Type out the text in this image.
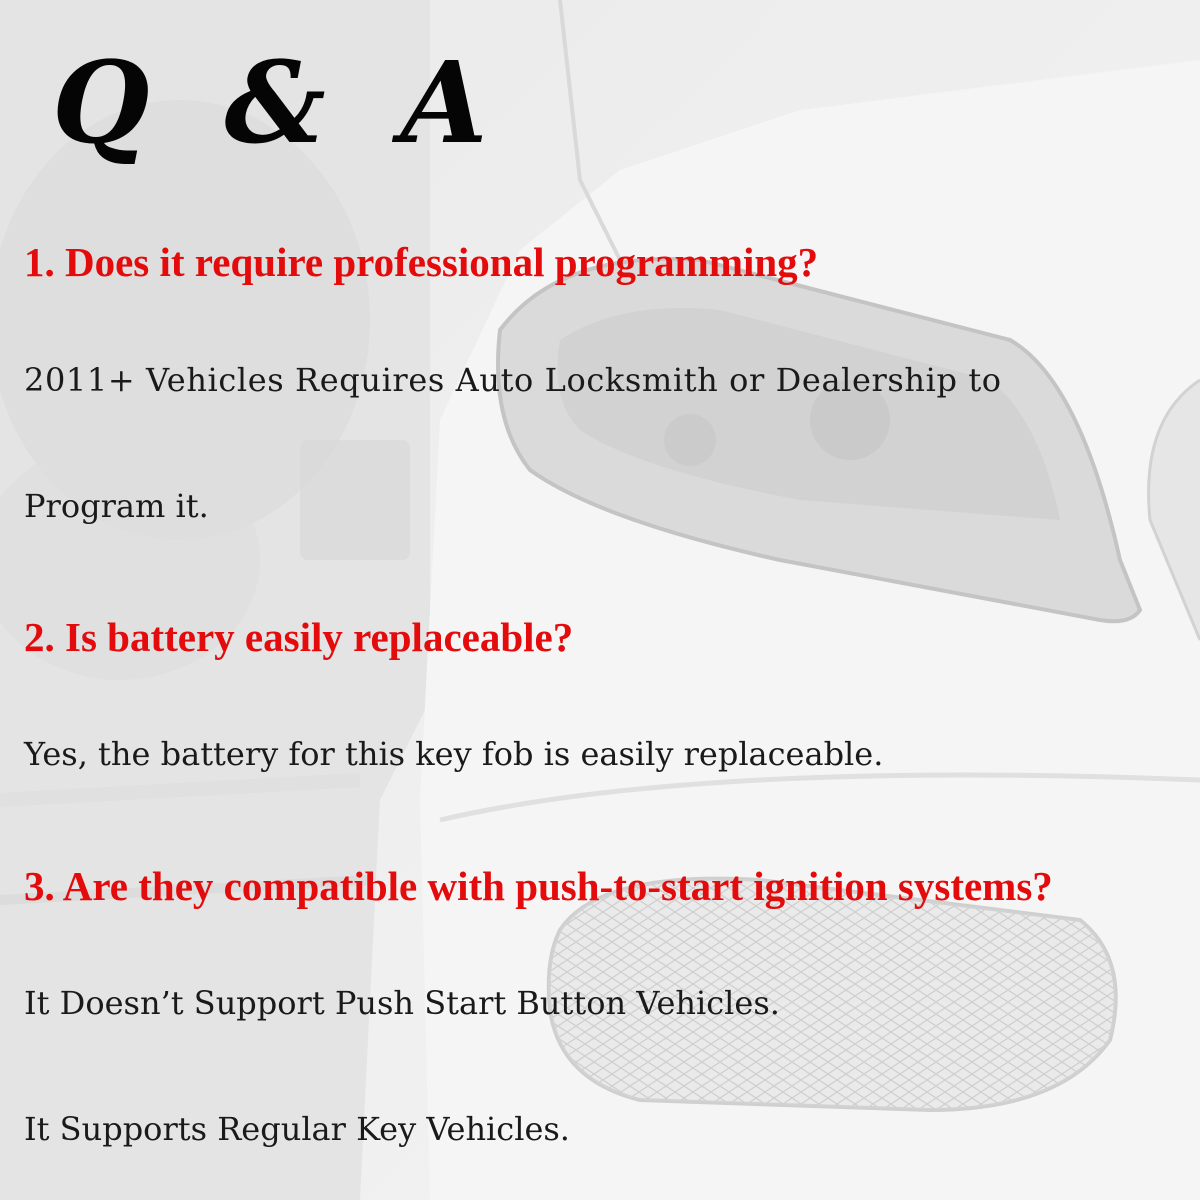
Q & A

1. Does it require professional programming?

2011+ Vehicles Requires Auto Locksmith or Dealership to

Program it.

2. Is battery easily replaceable?

Yes, the battery for this key fob is easily replaceable.

3. Are they compatible with push-to-start ignition systems?

It Doesn’t Support Push Start Button Vehicles.

It Supports Regular Key Vehicles.
